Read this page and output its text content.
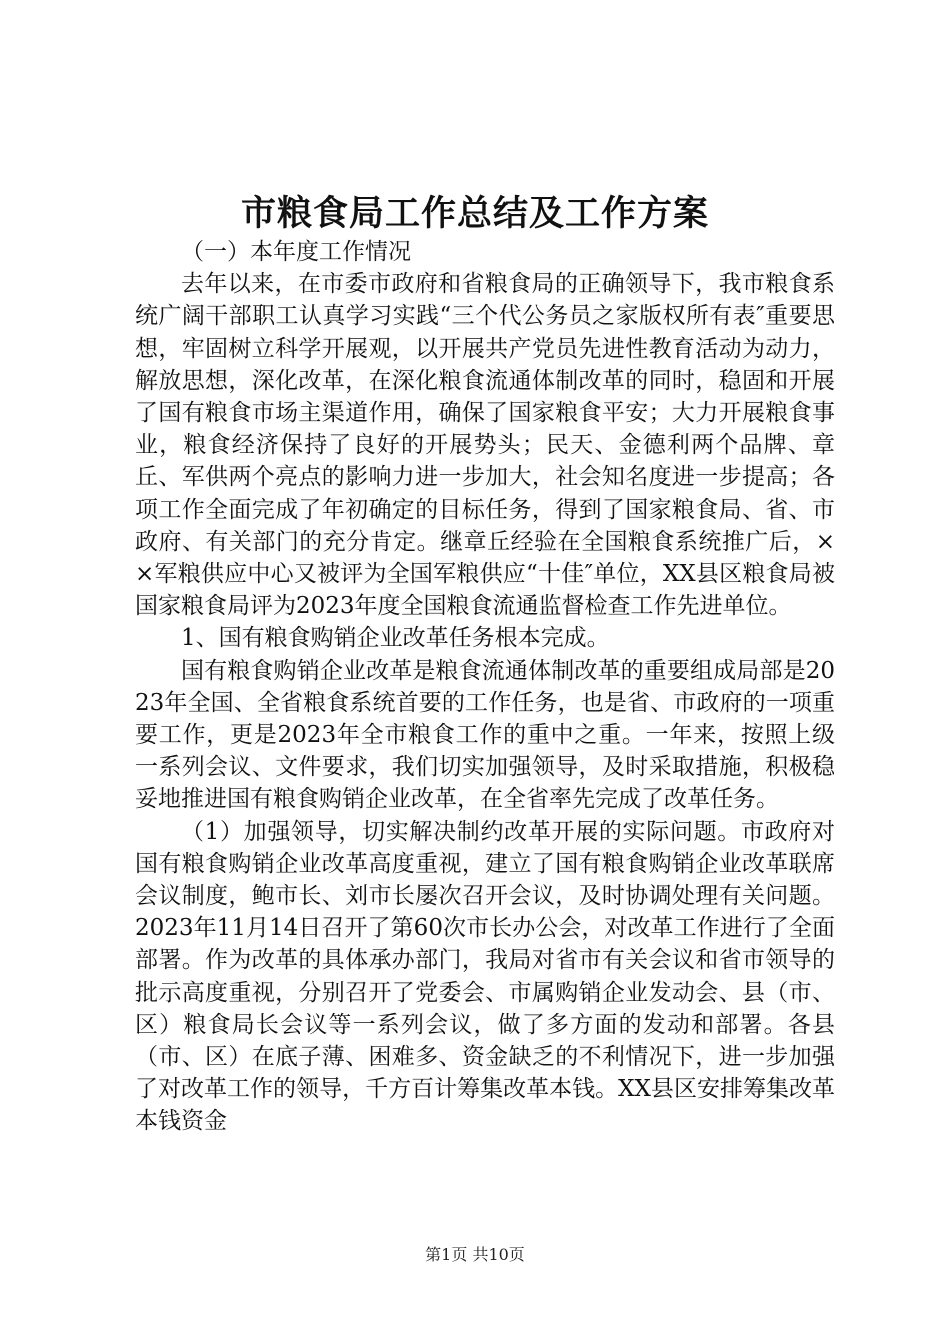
市粮食局工作总结及工作方案

（一）本年度工作情况

去年以来，在市委市政府和省粮食局的正确领导下，我市粮食系统广阔干部职工认真学习实践“三个代公务员之家版权所有表″重要思想，牢固树立科学开展观，以开展共产党员先进性教育活动为动力，解放思想，深化改革，在深化粮食流通体制改革的同时，稳固和开展了国有粮食市场主渠道作用，确保了国家粮食平安；大力开展粮食事业，粮食经济保持了良好的开展势头；民天、金德利两个品牌、章丘、军供两个亮点的影响力进一步加大，社会知名度进一步提高；各项工作全面完成了年初确定的目标任务，得到了国家粮食局、省、市政府、有关部门的充分肯定。继章丘经验在全国粮食系统推广后，××军粮供应中心又被评为全国军粮供应“十佳″单位，XX县区粮食局被国家粮食局评为2023年度全国粮食流通监督检查工作先进单位。

1、国有粮食购销企业改革任务根本完成。

国有粮食购销企业改革是粮食流通体制改革的重要组成局部是2023年全国、全省粮食系统首要的工作任务，也是省、市政府的一项重要工作，更是2023年全市粮食工作的重中之重。一年来，按照上级一系列会议、文件要求，我们切实加强领导，及时采取措施，积极稳妥地推进国有粮食购销企业改革，在全省率先完成了改革任务。

（1）加强领导，切实解决制约改革开展的实际问题。市政府对国有粮食购销企业改革高度重视，建立了国有粮食购销企业改革联席会议制度，鲍市长、刘市长屡次召开会议，及时协调处理有关问题。2023年11月14日召开了第60次市长办公会，对改革工作进行了全面部署。作为改革的具体承办部门，我局对省市有关会议和省市领导的批示高度重视，分别召开了党委会、市属购销企业发动会、县（市、区）粮食局长会议等一系列会议，做了多方面的发动和部署。各县（市、区）在底子薄、困难多、资金缺乏的不利情况下，进一步加强了对改革工作的领导，千方百计筹集改革本钱。XX县区安排筹集改革本钱资金

第1页 共10页
